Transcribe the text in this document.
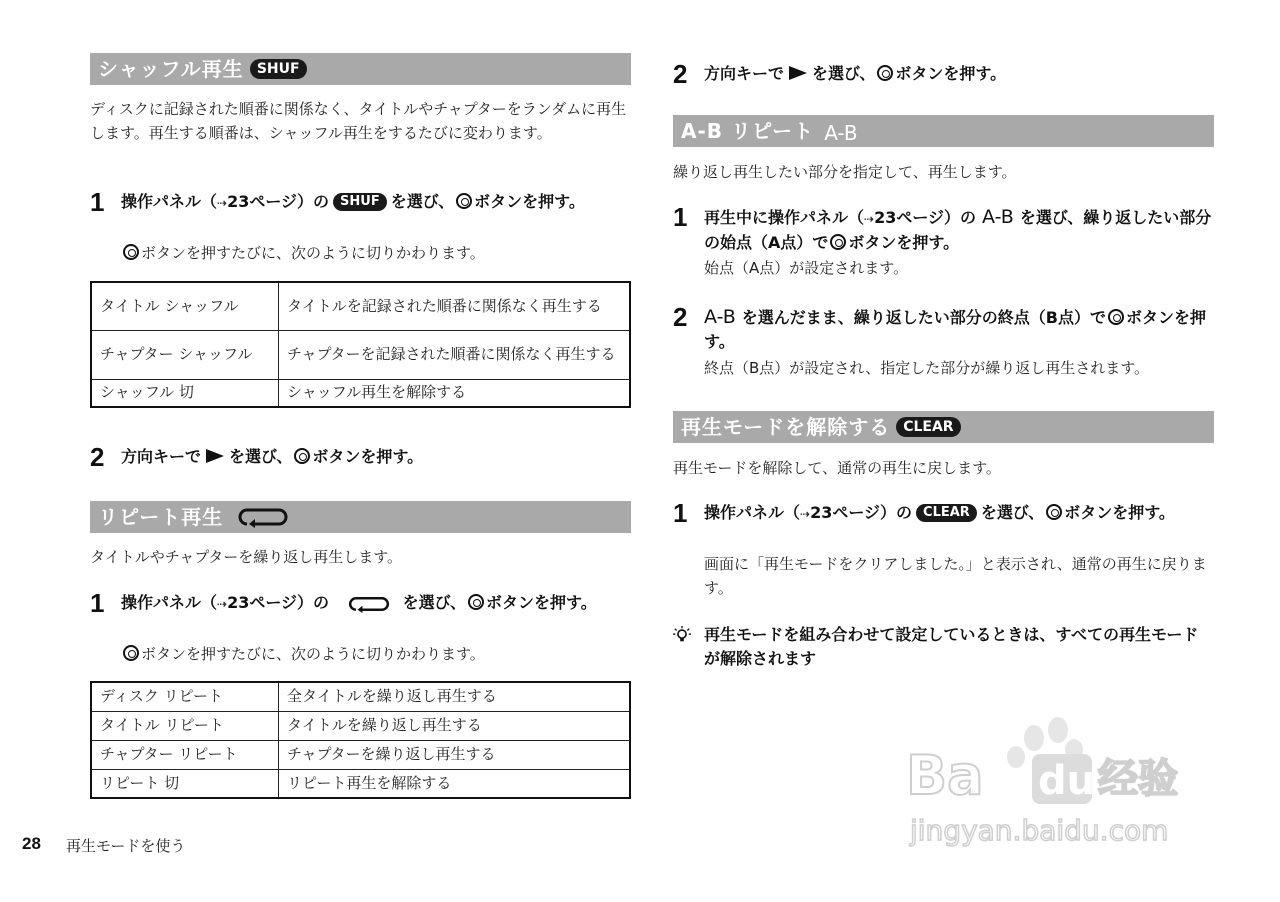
シャッフル再生 SHUF
ディスクに記録された順番に関係なく、タイトルやチャプターをランダムに再生します。再生する順番は、シャッフル再生をするたびに変わります。
1 操作パネル（⇢23ページ）の SHUF を選び、 ボタンを押す。
ボタンを押すたびに、次のように切りかわります。
タイトル シャッフル	タイトルを記録された順番に関係なく再生する
チャプター シャッフル	チャプターを記録された順番に関係なく再生する
シャッフル 切	シャッフル再生を解除する
2 方向キーで を選び、 ボタンを押す。
リピート再生
タイトルやチャプターを繰り返し再生します。
1 操作パネル（⇢23ページ）の	を選び、 ボタンを押す。
ボタンを押すたびに、次のように切りかわります。
ディスク リピート	全タイトルを繰り返し再生する
タイトル リピート	タイトルを繰り返し再生する
チャプター リピート	チャプターを繰り返し再生する
リピート 切	リピート再生を解除する
28 再生モードを使う
2 方向キーで を選び、 ボタンを押す。
A-B リピート A-B
繰り返し再生したい部分を指定して、再生します。
1 再生中に操作パネル（⇢23ページ）の A-B を選び、繰り返したい部分の始点（A点）で ボタンを押す。
始点（A点）が設定されます。
2 A-B を選んだまま、繰り返したい部分の終点（B点）で ボタンを押す。
終点（B点）が設定され、指定した部分が繰り返し再生されます。
再生モードを解除する CLEAR
再生モードを解除して、通常の再生に戻します。
1 操作パネル（⇢23ページ）の CLEAR を選び、 ボタンを押す。
画面に「再生モードをクリアしました。」と表示され、通常の再生に戻ります。
再生モードを組み合わせて設定しているときは、すべての再生モードが解除されます
Ba du 经验
jingyan.baidu.com
